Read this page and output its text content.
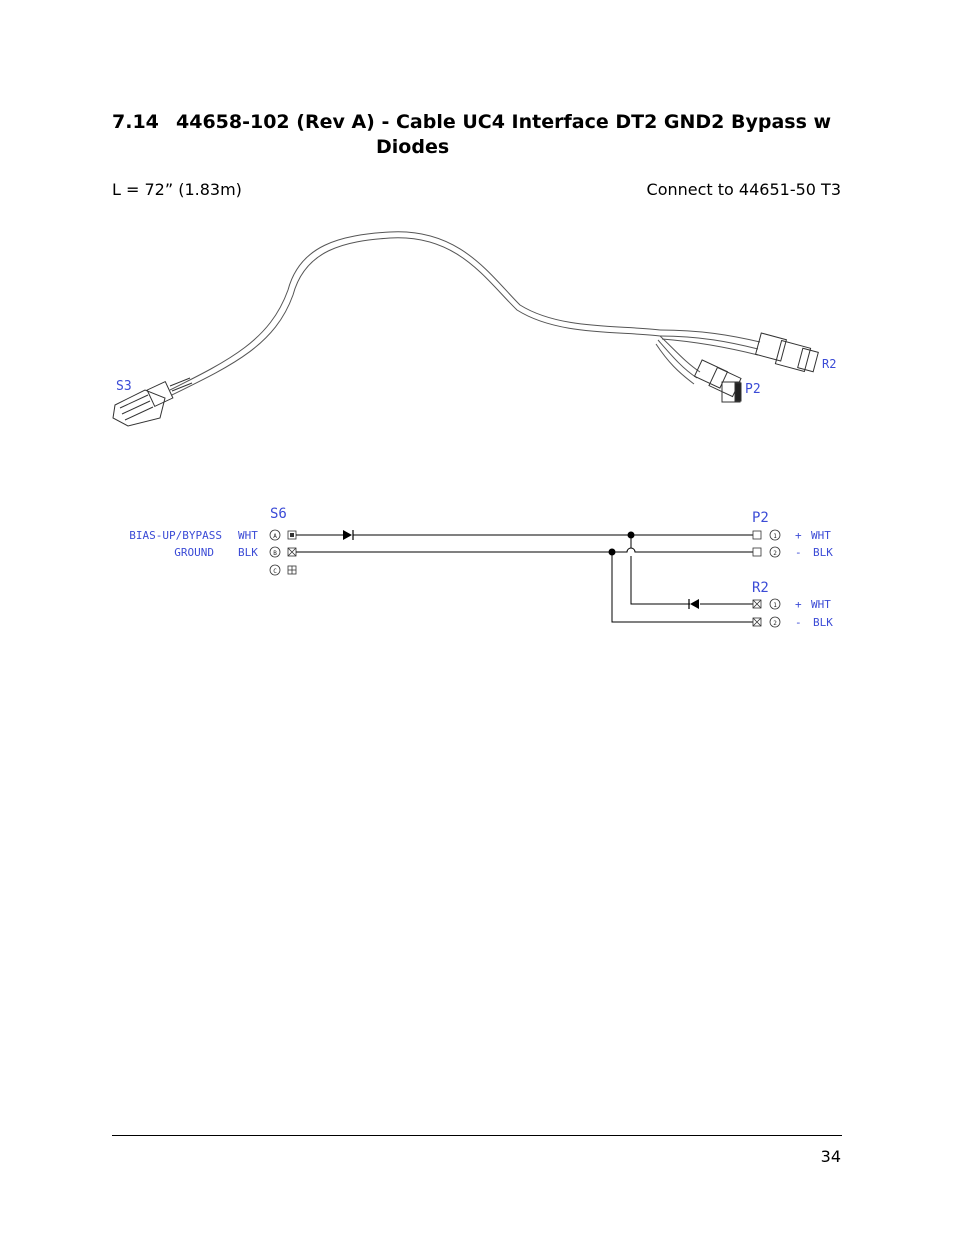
7.14 44658-102 (Rev A) - Cable UC4 Interface DT2 GND2 Bypass w
Diodes
L = 72” (1.83m)	Connect to 44651-50 T3
S3	P2
R2
S6
BIAS-UP/BYPASS
GROUND
WHT
BLK
A
B
C
P2
1
2
+
-
WHT
BLK
R2
1
2
+
-
WHT
BLK
34
